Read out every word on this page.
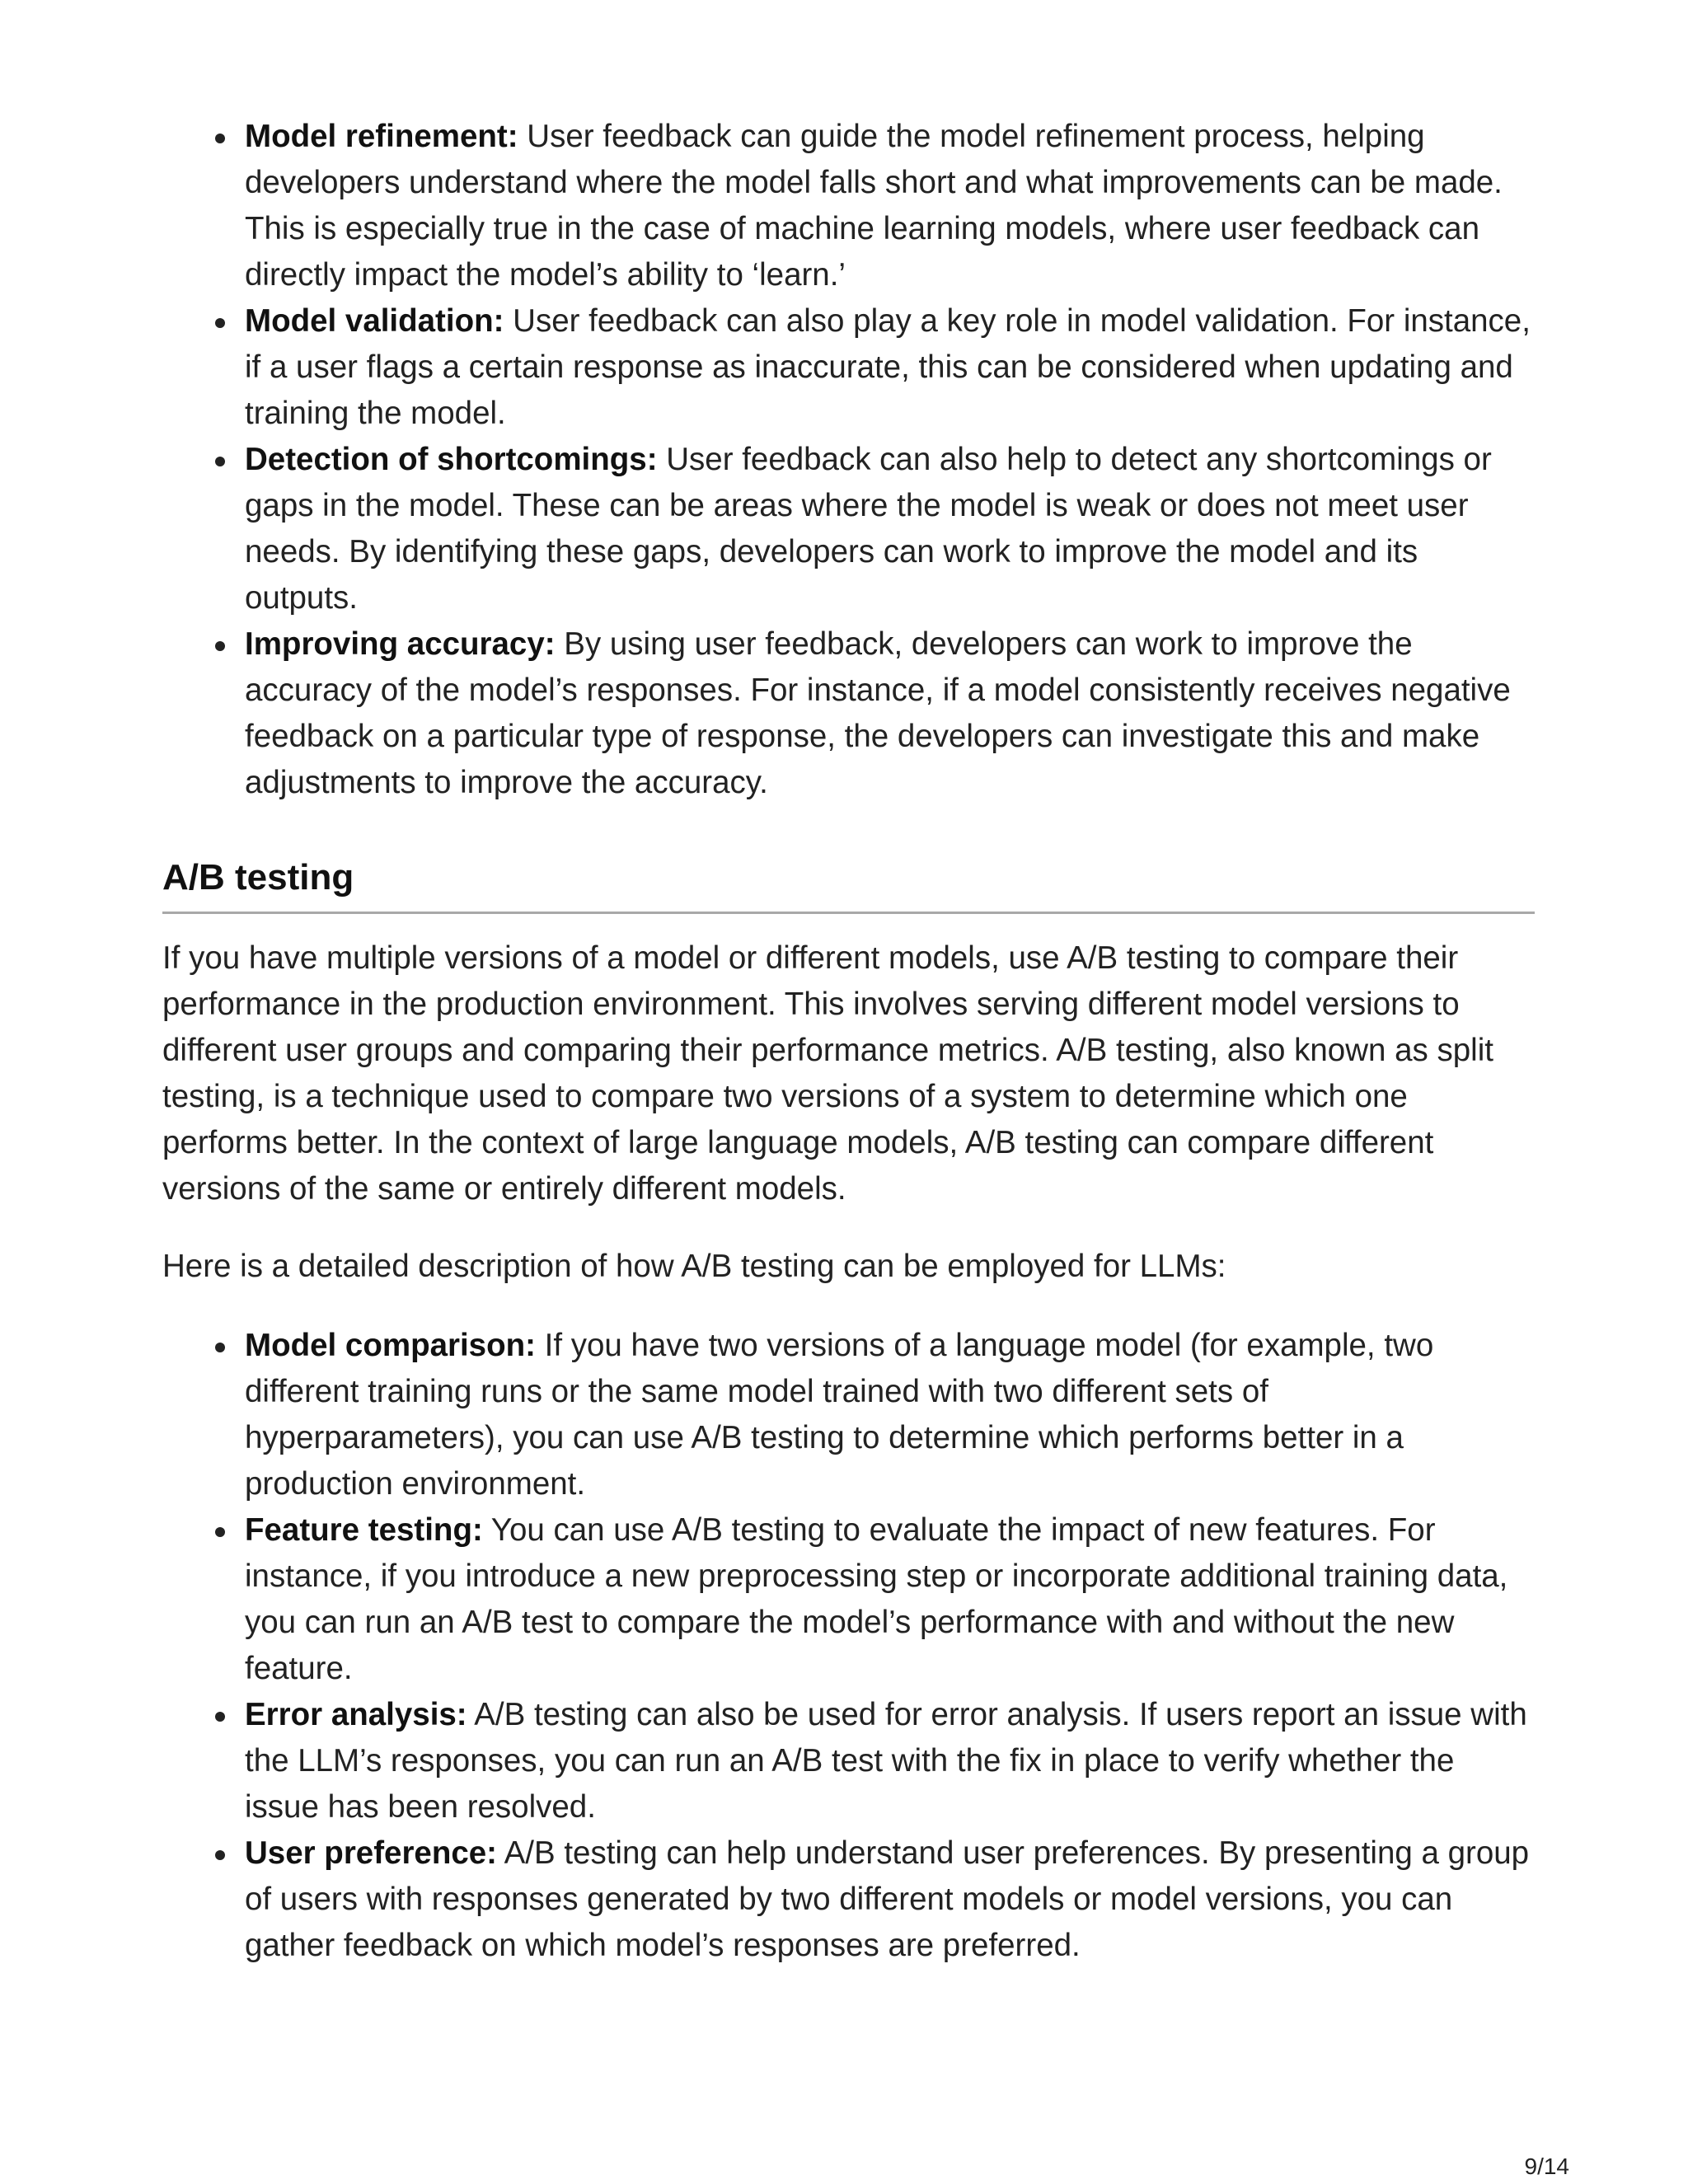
Model refinement: User feedback can guide the model refinement process, helping developers understand where the model falls short and what improvements can be made. This is especially true in the case of machine learning models, where user feedback can directly impact the model’s ability to ‘learn.’
Model validation: User feedback can also play a key role in model validation. For instance, if a user flags a certain response as inaccurate, this can be considered when updating and training the model.
Detection of shortcomings: User feedback can also help to detect any shortcomings or gaps in the model. These can be areas where the model is weak or does not meet user needs. By identifying these gaps, developers can work to improve the model and its outputs.
Improving accuracy: By using user feedback, developers can work to improve the accuracy of the model’s responses. For instance, if a model consistently receives negative feedback on a particular type of response, the developers can investigate this and make adjustments to improve the accuracy.
A/B testing

If you have multiple versions of a model or different models, use A/B testing to compare their performance in the production environment. This involves serving different model versions to different user groups and comparing their performance metrics. A/B testing, also known as split testing, is a technique used to compare two versions of a system to determine which one performs better. In the context of large language models, A/B testing can compare different versions of the same or entirely different models.

Here is a detailed description of how A/B testing can be employed for LLMs:

Model comparison: If you have two versions of a language model (for example, two different training runs or the same model trained with two different sets of hyperparameters), you can use A/B testing to determine which performs better in a production environment.
Feature testing: You can use A/B testing to evaluate the impact of new features. For instance, if you introduce a new preprocessing step or incorporate additional training data, you can run an A/B test to compare the model’s performance with and without the new feature.
Error analysis: A/B testing can also be used for error analysis. If users report an issue with the LLM’s responses, you can run an A/B test with the fix in place to verify whether the issue has been resolved.
User preference: A/B testing can help understand user preferences. By presenting a group of users with responses generated by two different models or model versions, you can gather feedback on which model’s responses are preferred.
9/14
